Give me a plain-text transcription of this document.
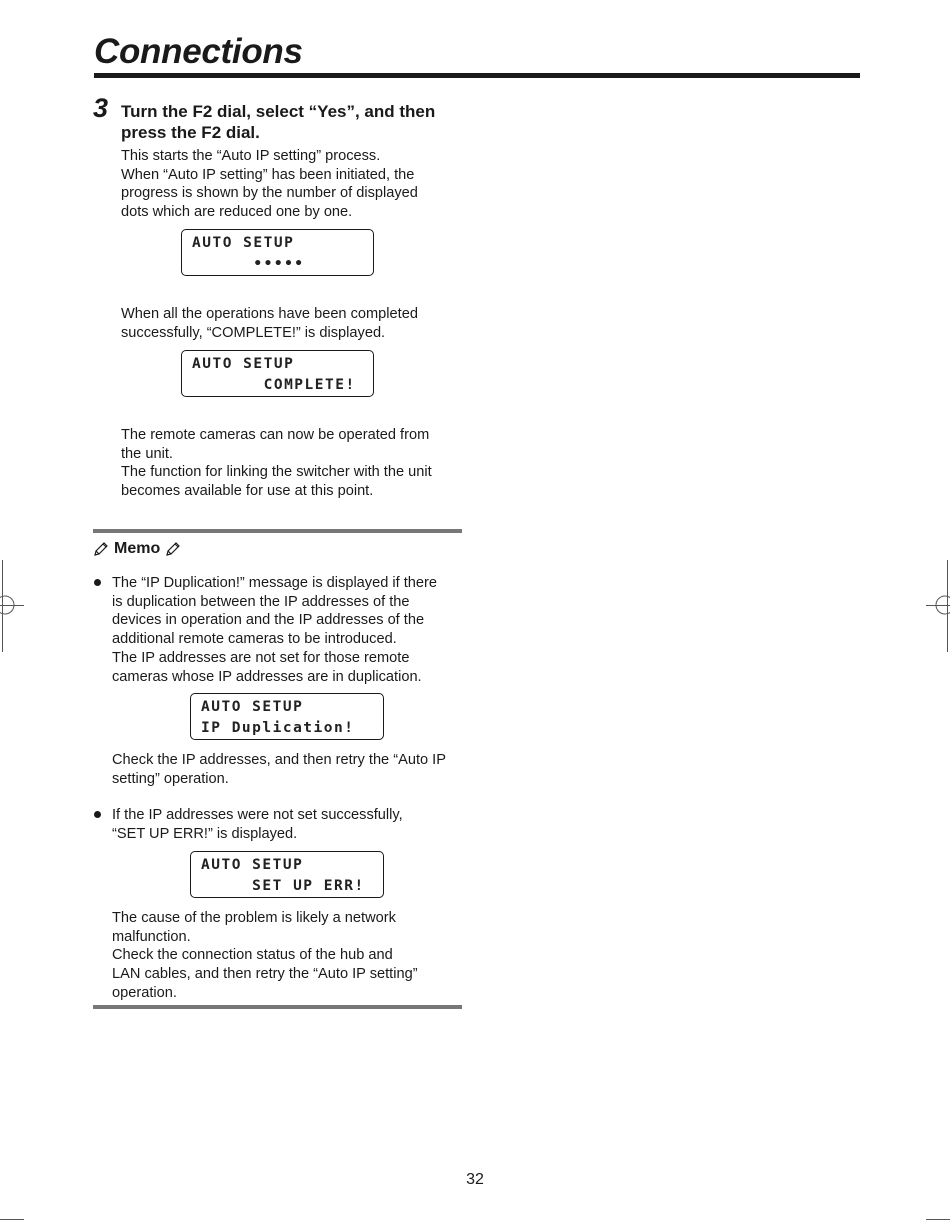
Connections
3 Turn the F2 dial, select “Yes”, and then
press the F2 dial.
This starts the “Auto IP setting” process.
When “Auto IP setting” has been initiated, the
progress is shown by the number of displayed
dots which are reduced one by one.
AUTO SETUP
•••••
When all the operations have been completed
successfully, “COMPLETE!” is displayed.
AUTO SETUP
COMPLETE!
The remote cameras can now be operated from
the unit.
The function for linking the switcher with the unit
becomes available for use at this point.
Memo
The “IP Duplication!” message is displayed if there
is duplication between the IP addresses of the
devices in operation and the IP addresses of the
additional remote cameras to be introduced.
The IP addresses are not set for those remote
cameras whose IP addresses are in duplication.
AUTO SETUP
IP Duplication!
Check the IP addresses, and then retry the “Auto IP
setting” operation.
If the IP addresses were not set successfully,
“SET UP ERR!” is displayed.
AUTO SETUP
SET UP ERR!
The cause of the problem is likely a network
malfunction.
Check the connection status of the hub and
LAN cables, and then retry the “Auto IP setting”
operation.
32
